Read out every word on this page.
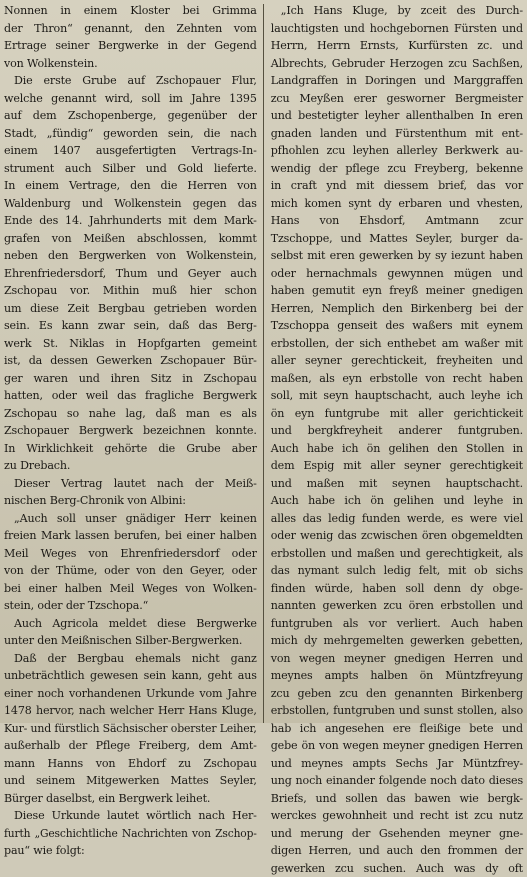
Nonnen in einem Kloster bei Grimma
der Thron“ genannt, den Zehnten vom
Ertrage seiner Bergwerke in der Gegend
von Wolkenstein.
Die erste Grube auf Zschopauer Flur,
welche genannt wird, soll im Jahre 1395
auf dem Zschopenberge, gegenüber der
Stadt, „fündig“ geworden sein, die nach
einem 1407 ausgefertigten Vertrags-In-
strument auch Silber und Gold lieferte.
In einem Vertrage, den die Herren von
Waldenburg und Wolkenstein gegen das
Ende des 14. Jahrhunderts mit dem Mark-
grafen von Meißen abschlossen, kommt
neben den Bergwerken von Wolkenstein,
Ehrenfriedersdorf, Thum und Geyer auch
Zschopau vor. Mithin muß hier schon
um diese Zeit Bergbau getrieben worden
sein. Es kann zwar sein, daß das Berg-
werk St. Niklas in Hopfgarten gemeint
ist, da dessen Gewerken Zschopauer Bür-
ger waren und ihren Sitz in Zschopau
hatten, oder weil das fragliche Bergwerk
Zschopau so nahe lag, daß man es als
Zschopauer Bergwerk bezeichnen konnte.
In Wirklichkeit gehörte die Grube aber
zu Drebach.
Dieser Vertrag lautet nach der Meiß-
nischen Berg-Chronik von Albini:
„Auch soll unser gnädiger Herr keinen
freien Mark lassen berufen, bei einer halben
Meil Weges von Ehrenfriedersdorf oder
von der Thüme, oder von den Geyer, oder
bei einer halben Meil Weges von Wolken-
stein, oder der Tzschopa.“
Auch Agricola meldet diese Bergwerke
unter den Meißnischen Silber-Bergwerken.
Daß der Bergbau ehemals nicht ganz
unbeträchtlich gewesen sein kann, geht aus
einer noch vorhandenen Urkunde vom Jahre
1478 hervor, nach welcher Herr Hans Kluge,
Kur- und fürstlich Sächsischer oberster Leiher,
außerhalb der Pflege Freiberg, dem Amt-
mann Hanns von Ehdorf zu Zschopau
und seinem Mitgewerken Mattes Seyler,
Bürger daselbst, ein Bergwerk leihet.
Diese Urkunde lautet wörtlich nach Her-
furth „Geschichtliche Nachrichten von Zschop-
pau“ wie folgt:
„Ich Hans Kluge, by zceit des Durch-
lauchtigsten und hochgebornen Fürsten und
Herrn, Herrn Ernsts, Kurfürsten zc. und
Albrechts, Gebruder Herzogen zcu Sachßen,
Landgraffen in Doringen und Marggraffen
zcu Meyßen erer gesworner Bergmeister
und bestetigter leyher allenthalben In eren
gnaden landen und Fürstenthum mit ent-
pfhohlen zcu leyhen allerley Berkwerk au-
wendig der pflege zcu Freyberg, bekenne
in craft ynd mit diessem brief, das vor
mich komen synt dy erbaren und vhesten,
Hans von Ehsdorf, Amtmann zcur
Tzschoppe, und Mattes Seyler, burger da-
selbst mit eren gewerken by sy iezunt haben
oder hernachmals gewynnen mügen und
haben gemutit eyn freyß meiner gnedigen
Herren, Nemplich den Birkenberg bei der
Tzschoppa genseit des waßers mit eynem
erbstollen, der sich enthebet am waßer mit
aller seyner gerechtickeit, freyheiten und
maßen, als eyn erbstolle von recht haben
soll, mit seyn hauptschacht, auch leyhe ich
ön eyn funtgrube mit aller gerichtickeit
und bergkfreyheit anderer funtgruben.
Auch habe ich ön gelihen den Stollen in
dem Espig mit aller seyner gerechtigkeit
und maßen mit seynen hauptschacht.
Auch habe ich ön gelihen und leyhe in
alles das ledig funden werde, es were viel
oder wenig das zcwischen ören obgemeldten
erbstollen und maßen und gerechtigkeit, als
das nymant sulch ledig felt, mit ob sichs
finden würde, haben soll denn dy obge-
nannten gewerken zcu ören erbstollen und
funtgruben als vor verliert. Auch haben
mich dy mehrgemelten gewerken gebetten,
von wegen meyner gnedigen Herren und
meynes ampts halben ön Müntzfreyung
zcu geben zcu den genannten Birkenberg
erbstollen, funtgruben und sunst stollen, also
hab ich angesehen ere fleißige bete und
gebe ön von wegen meyner gnedigen Herren
und meynes ampts Sechs Jar Müntzfrey-
ung noch einander folgende noch dato dieses
Briefs, und sollen das bawen wie bergk-
werckes gewohnheit und recht ist zcu nutz
und merung der Gsehenden meyner gne-
digen Herren, und auch den frommen der
gewerken zcu suchen. Auch was dy oft
